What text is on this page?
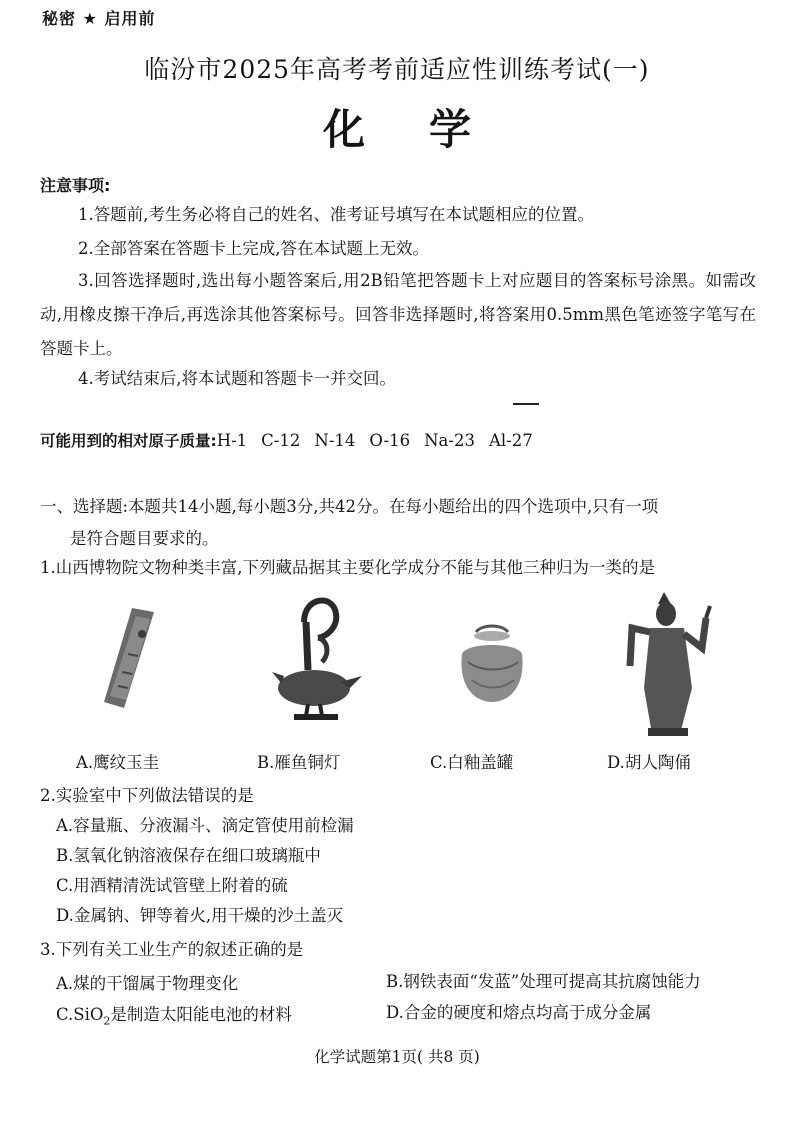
秘密 ★ 启用前
临汾市2025年高考考前适应性训练考试(一)
化学
注意事项:
1.答题前,考生务必将自己的姓名、准考证号填写在本试题相应的位置。
2.全部答案在答题卡上完成,答在本试题上无效。
3.回答选择题时,选出每小题答案后,用2B铅笔把答题卡上对应题目的答案标号涂黑。如需改动,用橡皮擦干净后,再选涂其他答案标号。回答非选择题时,将答案用0.5mm黑色笔迹签字笔写在答题卡上。
4.考试结束后,将本试题和答题卡一并交回。
可能用到的相对原子质量:H-1 C-12 N-14 O-16 Na-23 Al-27
一、选择题:本题共14小题,每小题3分,共42分。在每小题给出的四个选项中,只有一项
是符合题目要求的。
1.山西博物院文物种类丰富,下列藏品据其主要化学成分不能与其他三种归为一类的是
A.鹰纹玉圭	B.雁鱼铜灯	C.白釉盖罐	D.胡人陶俑
2.实验室中下列做法错误的是
A.容量瓶、分液漏斗、滴定管使用前检漏
B.氢氧化钠溶液保存在细口玻璃瓶中
C.用酒精清洗试管壁上附着的硫
D.金属钠、钾等着火,用干燥的沙土盖灭
3.下列有关工业生产的叙述正确的是
A.煤的干馏属于物理变化	B.钢铁表面“发蓝”处理可提高其抗腐蚀能力
C.SiO$_2$是制造太阳能电池的材料	D.合金的硬度和熔点均高于成分金属
化学试题第1页( 共8 页)
